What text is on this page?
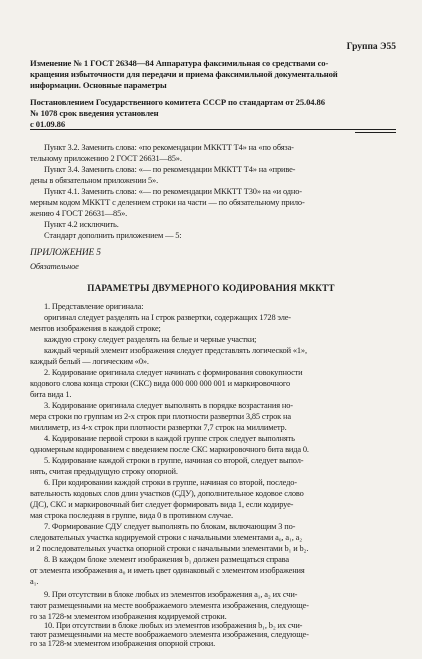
Группа Э55
Изменение № 1 ГОСТ 26348—84 Аппаратура факсимильная со средствами со-
кращения избыточности для передачи и приема факсимильной документальной
информации. Основные параметры
Постановлением Государственного комитета СССР по стандартам от 25.04.86
№ 1078 срок введения установлен
с 01.09.86
Пункт 3.2. Заменить слова: «по рекомендации МККТТ Т4» на «по обяза-
тельному приложению 2 ГОСТ 26631—85».
Пункт 3.4. Заменить слова: «— по рекомендации МККТТ Т4» на «приве-
дены в обязательном приложении 5».
Пункт 4.1. Заменить слова: «— по рекомендации МККТТ Т30» на «и одно-
мерным кодом МККТТ с делением строки на части — по обязательному прило-
жению 4 ГОСТ 26631—85».
Пункт 4.2 исключить.
Стандарт дополнить приложением — 5:
ПРИЛОЖЕНИЕ 5
Обязательное
ПАРАМЕТРЫ ДВУМЕРНОГО КОДИРОВАНИЯ МККТТ
1. Представление оригинала:
оригинал следует разделять на I строк развертки, содержащих 1728 эле-
ментов изображения в каждой строке;
каждую строку следует разделять на белые и черные участки;
каждый черный элемент изображения следует представлять логической «1»,
каждый белый — логическим «0».
2. Кодирование оригинала следует начинать с формирования совокупности
кодового слова конца строки (СКС) вида 000 000 000 001 и маркировочного
бита вида 1.
3. Кодирование оригинала следует выполнять в порядке возрастания но-
мера строки по группам из 2-х строк при плотности развертки 3,85 строк на
миллиметр, из 4-х строк при плотности развертки 7,7 строк на миллиметр.
4. Кодирование первой строки в каждой группе строк следует выполнять
одномерным кодированием с введением после СКС маркировочного бита вида 0.
5. Кодирование каждой строки в группе, начиная со второй, следует выпол-
нять, считая предыдущую строку опорной.
6. При кодировании каждой строки в группе, начиная со второй, последо-
вательность кодовых слов длин участков (СДУ), дополнительное кодовое слово
(ДС), СКС и маркировочный бит следует формировать вида 1, если кодируе-
мая строка последняя в группе, вида 0 в противном случае.
7. Формирование СДУ следует выполнять по блокам, включающим 3 по-
следовательных участка кодируемой строки с начальными элементами a₀, a₁, a₂
и 2 последовательных участка опорной строки с начальными элементами b₁ и b₂.
8. В каждом блоке элемент изображения b₁ должен размещаться справа
от элемента изображения a₀ и иметь цвет одинаковый с элементом изображения
a₁.
9. При отсутствии в блоке любых из элементов изображения a₁, a₂ их счи-
тают размещенными на месте воображаемого элемента изображения, следующе-
го за 1728-м элементом изображения кодируемой строки.
10. При отсутствии в блоке любых из элементов изображения b₁, b₂ их счи-
тают размещенными на месте воображаемого элемента изображения, следующе-
го за 1728-м элементом изображения опорной строки.
